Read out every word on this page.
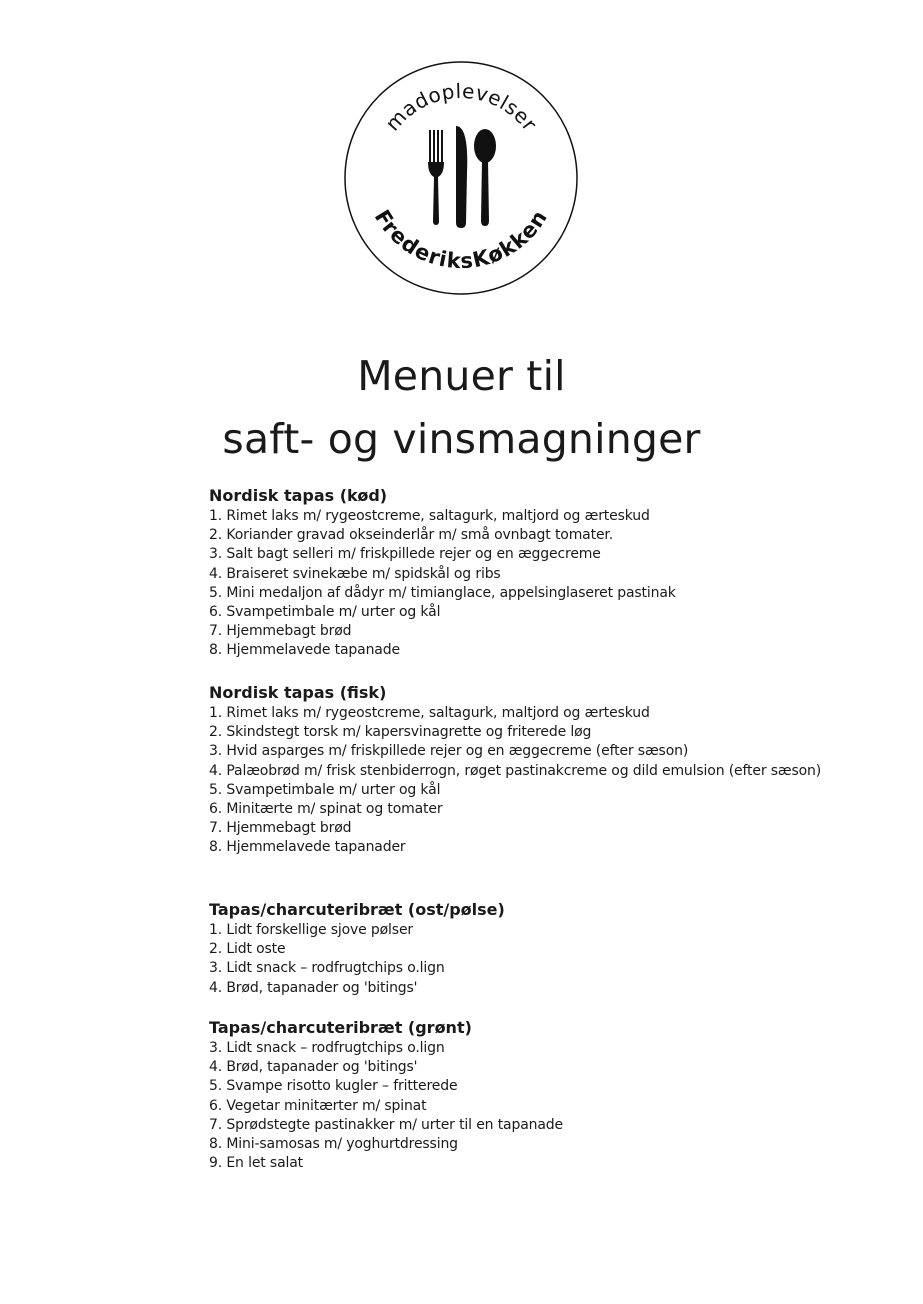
madoplevelser
FrederiksKøkken
Menuer til
saft- og vinsmagninger
Nordisk tapas (kød)
1. Rimet laks m/ rygeostcreme, saltagurk, maltjord og ærteskud
2. Koriander gravad okseinderlår m/ små ovnbagt tomater.
3. Salt bagt selleri m/ friskpillede rejer og en æggecreme
4. Braiseret svinekæbe m/ spidskål og ribs
5. Mini medaljon af dådyr m/ timianglace, appelsinglaseret pastinak
6. Svampetimbale m/ urter og kål
7. Hjemmebagt brød
8. Hjemmelavede tapanade
Nordisk tapas (fisk)
1. Rimet laks m/ rygeostcreme, saltagurk, maltjord og ærteskud
2. Skindstegt torsk m/ kapersvinagrette og friterede løg
3. Hvid asparges m/ friskpillede rejer og en æggecreme (efter sæson)
4. Palæobrød m/ frisk stenbiderrogn, røget pastinakcreme og dild emulsion (efter sæson)
5. Svampetimbale m/ urter og kål
6. Minitærte m/ spinat og tomater
7. Hjemmebagt brød
8. Hjemmelavede tapanader
Tapas/charcuteribræt (ost/pølse)
1. Lidt forskellige sjove pølser
2. Lidt oste
3. Lidt snack – rodfrugtchips o.lign
4. Brød, tapanader og 'bitings'
Tapas/charcuteribræt (grønt)
3. Lidt snack – rodfrugtchips o.lign
4. Brød, tapanader og 'bitings'
5. Svampe risotto kugler – fritterede
6. Vegetar minitærter m/ spinat
7. Sprødstegte pastinakker m/ urter til en tapanade
8. Mini-samosas m/ yoghurtdressing
9. En let salat
